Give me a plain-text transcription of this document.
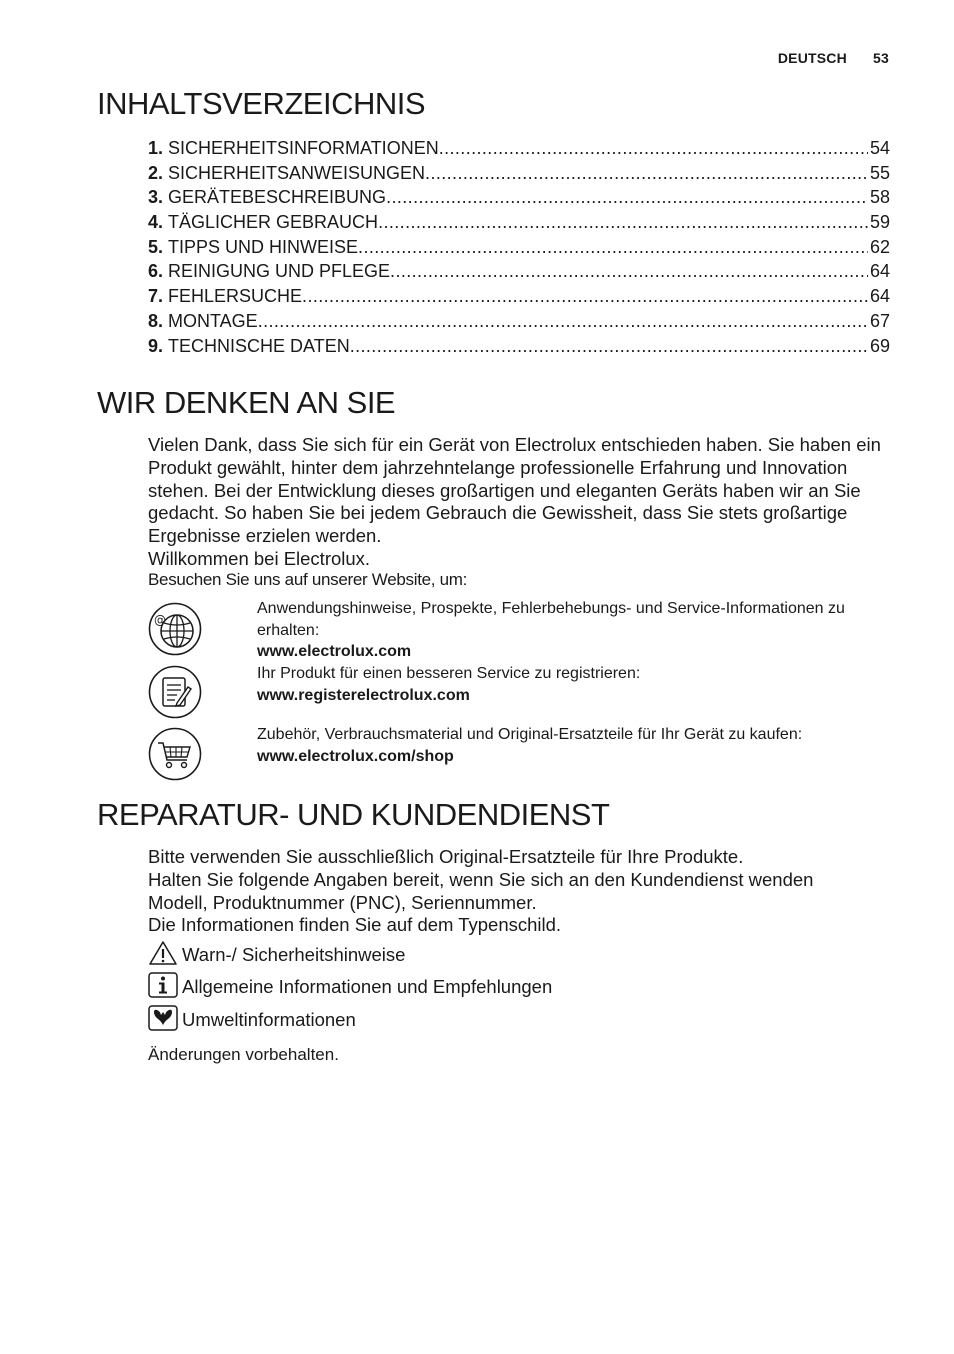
DEUTSCH 53
INHALTSVERZEICHNIS
1. SICHERHEITSINFORMATIONEN .....	54
2. SICHERHEITSANWEISUNGEN .....	55
3. GERÄTEBESCHREIBUNG .....	58
4. TÄGLICHER GEBRAUCH .....	59
5. TIPPS UND HINWEISE .....	62
6. REINIGUNG UND PFLEGE .....	64
7. FEHLERSUCHE .....	64
8. MONTAGE .....	67
9. TECHNISCHE DATEN .....	69
WIR DENKEN AN SIE

Vielen Dank, dass Sie sich für ein Gerät von Electrolux entschieden haben. Sie haben ein Produkt gewählt, hinter dem jahrzehntelange professionelle Erfahrung und Innovation stehen. Bei der Entwicklung dieses großartigen und eleganten Geräts haben wir an Sie gedacht. So haben Sie bei jedem Gebrauch die Gewissheit, dass Sie stets großartige Ergebnisse erzielen werden.

Willkommen bei Electrolux.

Besuchen Sie uns auf unserer Website, um:
@
Anwendungshinweise, Prospekte, Fehlerbehebungs- und Service-Informationen zu erhalten:
www.electrolux.com
Ihr Produkt für einen besseren Service zu registrieren:
www.registerelectrolux.com
Zubehör, Verbrauchsmaterial und Original-Ersatzteile für Ihr Gerät zu kaufen:
www.electrolux.com/shop
REPARATUR- UND KUNDENDIENST

Bitte verwenden Sie ausschließlich Original-Ersatzteile für Ihre Produkte.

Halten Sie folgende Angaben bereit, wenn Sie sich an den Kundendienst wenden Modell, Produktnummer (PNC), Seriennummer.

Die Informationen finden Sie auf dem Typenschild.

Warn-/ Sicherheitshinweise
Allgemeine Informationen und Empfehlungen
Umweltinformationen
Änderungen vorbehalten.
